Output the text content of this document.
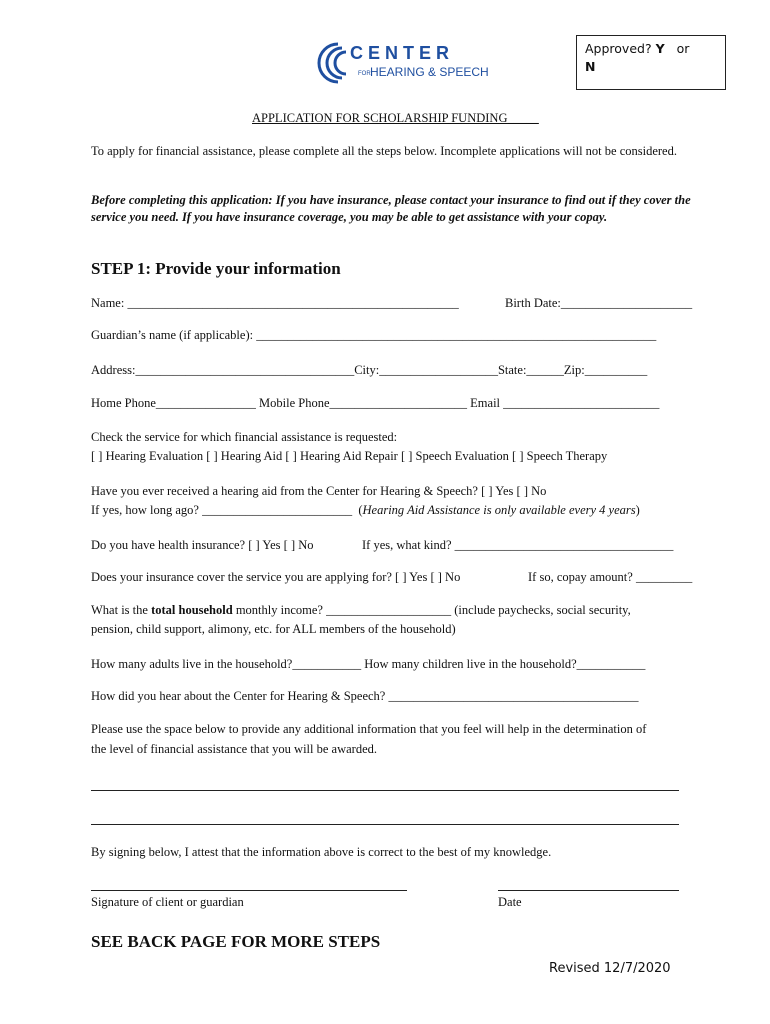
CENTER
FOR HEARING & SPEECH
Approved? Y or
N
APPLICATION FOR SCHOLARSHIP FUNDING_____
To apply for financial assistance, please complete all the steps below. Incomplete applications will not be considered.
Before completing this application: If you have insurance, please contact your insurance to find out if they cover the service you need. If you have insurance coverage, you may be able to get assistance with your copay.
STEP 1: Provide your information
Name: _____________________________________________________	Birth Date:_____________________
Guardian’s name (if applicable): ________________________________________________________________
Address:___________________________________City:___________________State:______Zip:__________
Home Phone________________ Mobile Phone______________________ Email _________________________
Check the service for which financial assistance is requested:
[ ] Hearing Evaluation [ ] Hearing Aid [ ] Hearing Aid Repair [ ] Speech Evaluation [ ] Speech Therapy
Have you ever received a hearing aid from the Center for Hearing & Speech? [ ] Yes [ ] No
If yes, how long ago? ________________________ (Hearing Aid Assistance is only available every 4 years)
Do you have health insurance? [ ] Yes [ ] No	If yes, what kind? ___________________________________
Does your insurance cover the service you are applying for? [ ] Yes [ ] No	If so, copay amount? _________
What is the total household monthly income? ____________________ (include paychecks, social security,
pension, child support, alimony, etc. for ALL members of the household)
How many adults live in the household?___________ How many children live in the household?___________
How did you hear about the Center for Hearing & Speech? ________________________________________
Please use the space below to provide any additional information that you feel will help in the determination of
the level of financial assistance that you will be awarded.
By signing below, I attest that the information above is correct to the best of my knowledge.
Signature of client or guardian	Date
SEE BACK PAGE FOR MORE STEPS
Revised 12/7/2020
